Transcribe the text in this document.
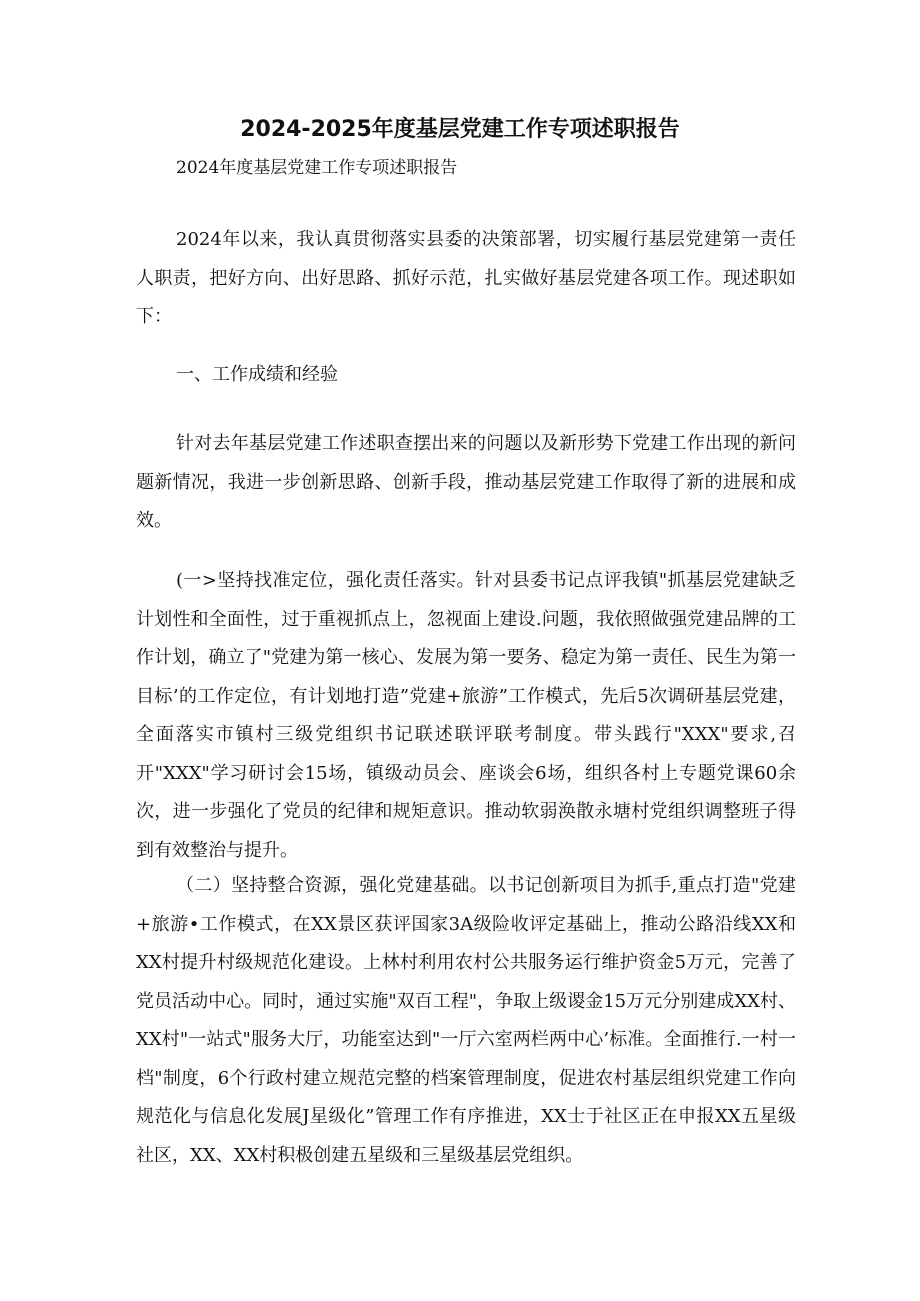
2024-2025年度基层党建工作专项述职报告

2024年度基层党建工作专项述职报告

2024年以来，我认真贯彻落实县委的决策部署，切实履行基层党建第一责任人职责，把好方向、出好思路、抓好示范，扎实做好基层党建各项工作。现述职如下：

一、工作成绩和经验

针对去年基层党建工作述职查摆出来的问题以及新形势下党建工作出现的新问题新情况，我进一步创新思路、创新手段，推动基层党建工作取得了新的进展和成效。

(一>坚持找准定位，强化责任落实。针对县委书记点评我镇"抓基层党建缺乏计划性和全面性，过于重视抓点上，忽视面上建设.问题，我依照做强党建品牌的工作计划，确立了"党建为第一核心、发展为第一要务、稳定为第一责任、民生为第一目标’的工作定位，有计划地打造”党建+旅游”工作模式，先后5次调研基层党建，全面落实市镇村三级党组织书记联述联评联考制度。带头践行"XXX"要求,召开"XXX"学习研讨会15场，镇级动员会、座谈会6场，组织各村上专题党课60余次，进一步强化了党员的纪律和规矩意识。推动软弱涣散永塘村党组织调整班子得到有效整治与提升。

（二）坚持整合资源，强化党建基础。以书记创新项目为抓手,重点打造"党建+旅游•工作模式，在XX景区获评国家3A级险收评定基础上，推动公路沿线XX和XX村提升村级规范化建设。上林村利用农村公共服务运行维护资金5万元，完善了党员活动中心。同时，通过实施"双百工程"，争取上级谡金15万元分别建成XX村、XX村"一站式"服务大厅，功能室达到"一厅六室两栏两中心’标准。全面推行.一村一档"制度，6个行政村建立规范完整的档案管理制度，促进农村基层组织党建工作向规范化与信息化发展J星级化”管理工作有序推进，XX士于社区正在申报XX五星级社区，XX、XX村积极创建五星级和三星级基层党组织。
